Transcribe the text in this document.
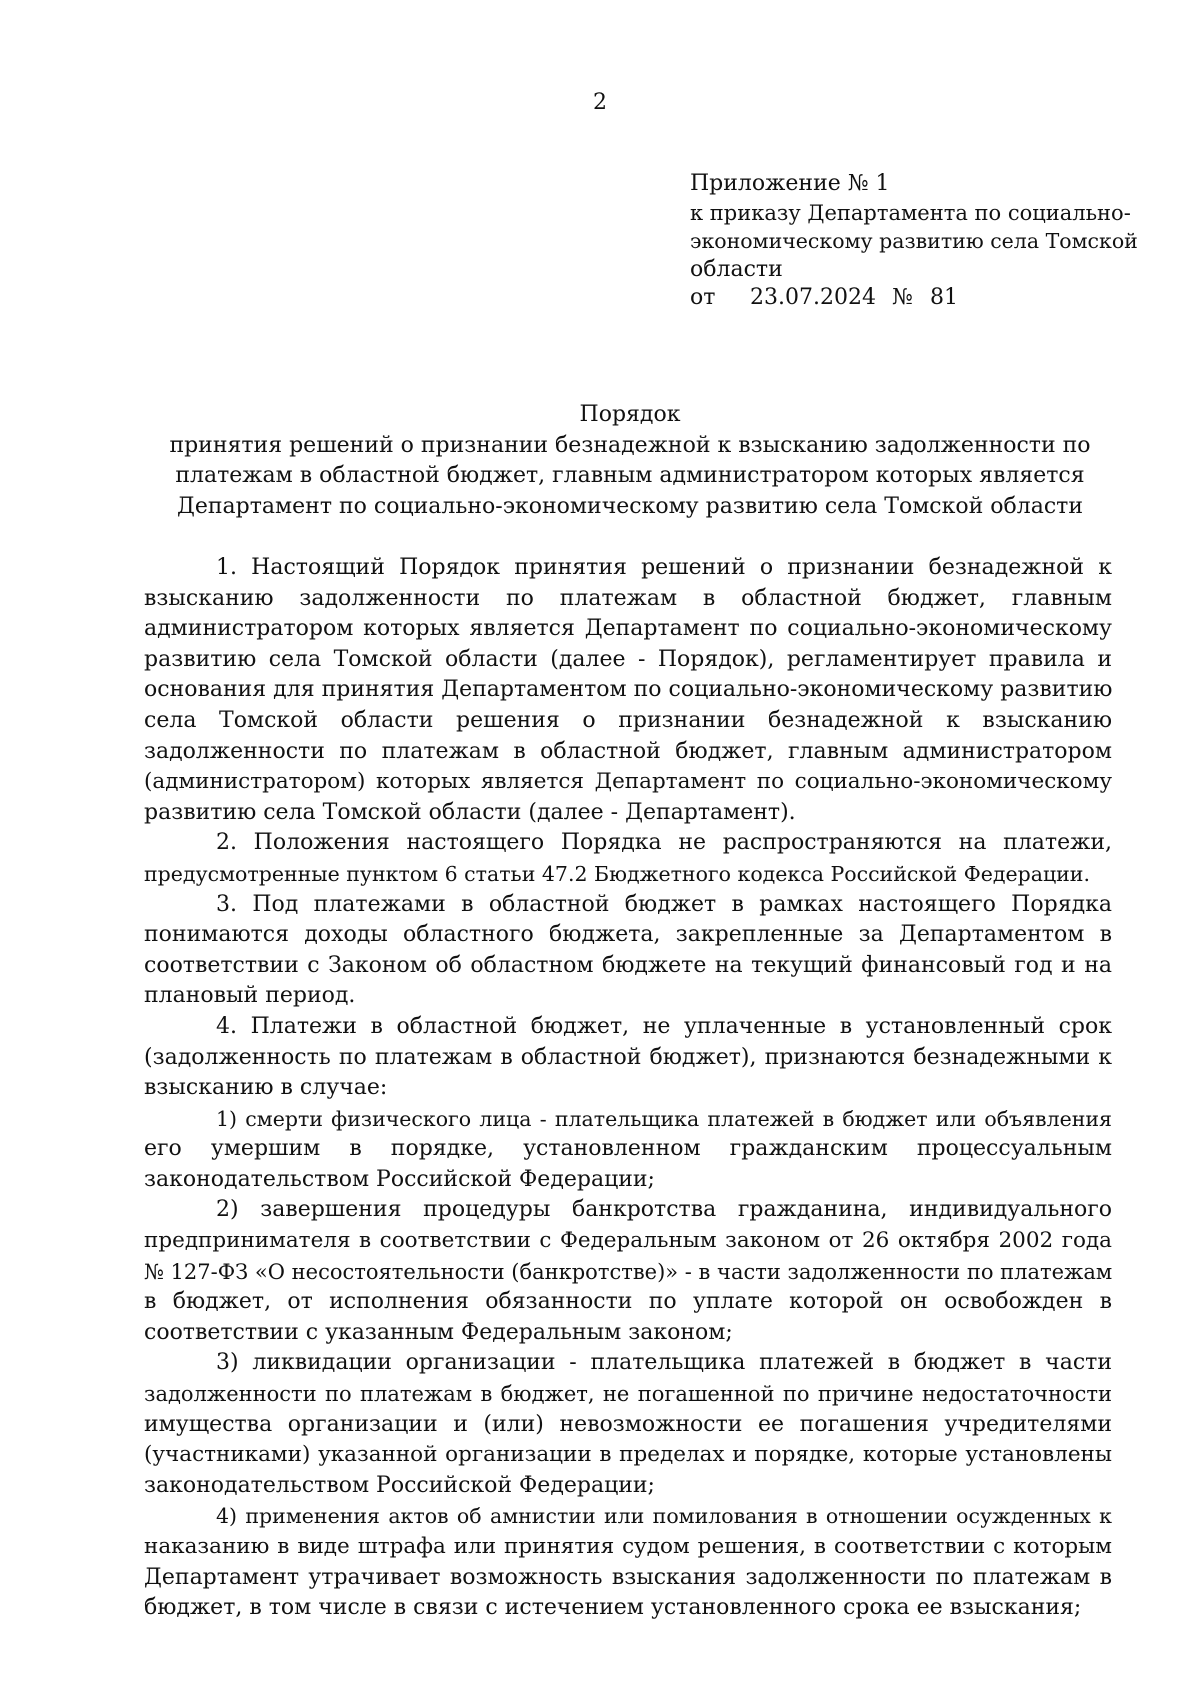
2
Приложение № 1
к приказу Департамента по социально-
экономическому развитию села Томской
области
от	23.07.2024 № 81
Порядок
принятия решений о признании безнадежной к взысканию задолженности по
платежам в областной бюджет, главным администратором которых является
Департамент по социально-экономическому развитию села Томской области
1. Настоящий Порядок принятия решений о признании безнадежной к
взысканию задолженности по платежам в областной бюджет, главным
администратором которых является Департамент по социально-экономическому
развитию села Томской области (далее - Порядок), регламентирует правила и
основания для принятия Департаментом по социально-экономическому развитию
села Томской области решения о признании безнадежной к взысканию
задолженности по платежам в областной бюджет, главным администратором
(администратором) которых является Департамент по социально-экономическому
развитию села Томской области (далее - Департамент).
2. Положения настоящего Порядка не распространяются на платежи,
предусмотренные пунктом 6 статьи 47.2 Бюджетного кодекса Российской Федерации.
3. Под платежами в областной бюджет в рамках настоящего Порядка
понимаются доходы областного бюджета, закрепленные за Департаментом в
соответствии с Законом об областном бюджете на текущий финансовый год и на
плановый период.
4. Платежи в областной бюджет, не уплаченные в установленный срок
(задолженность по платежам в областной бюджет), признаются безнадежными к
взысканию в случае:
1) смерти физического лица - плательщика платежей в бюджет или объявления
его умершим в порядке, установленном гражданским процессуальным
законодательством Российской Федерации;
2) завершения процедуры банкротства гражданина, индивидуального
предпринимателя в соответствии с Федеральным законом от 26 октября 2002 года
№ 127-ФЗ «О несостоятельности (банкротстве)» - в части задолженности по платежам
в бюджет, от исполнения обязанности по уплате которой он освобожден в
соответствии с указанным Федеральным законом;
3) ликвидации организации - плательщика платежей в бюджет в части
задолженности по платежам в бюджет, не погашенной по причине недостаточности
имущества организации и (или) невозможности ее погашения учредителями
(участниками) указанной организации в пределах и порядке, которые установлены
законодательством Российской Федерации;
4) применения актов об амнистии или помилования в отношении осужденных к
наказанию в виде штрафа или принятия судом решения, в соответствии с которым
Департамент утрачивает возможность взыскания задолженности по платежам в
бюджет, в том числе в связи с истечением установленного срока ее взыскания;
